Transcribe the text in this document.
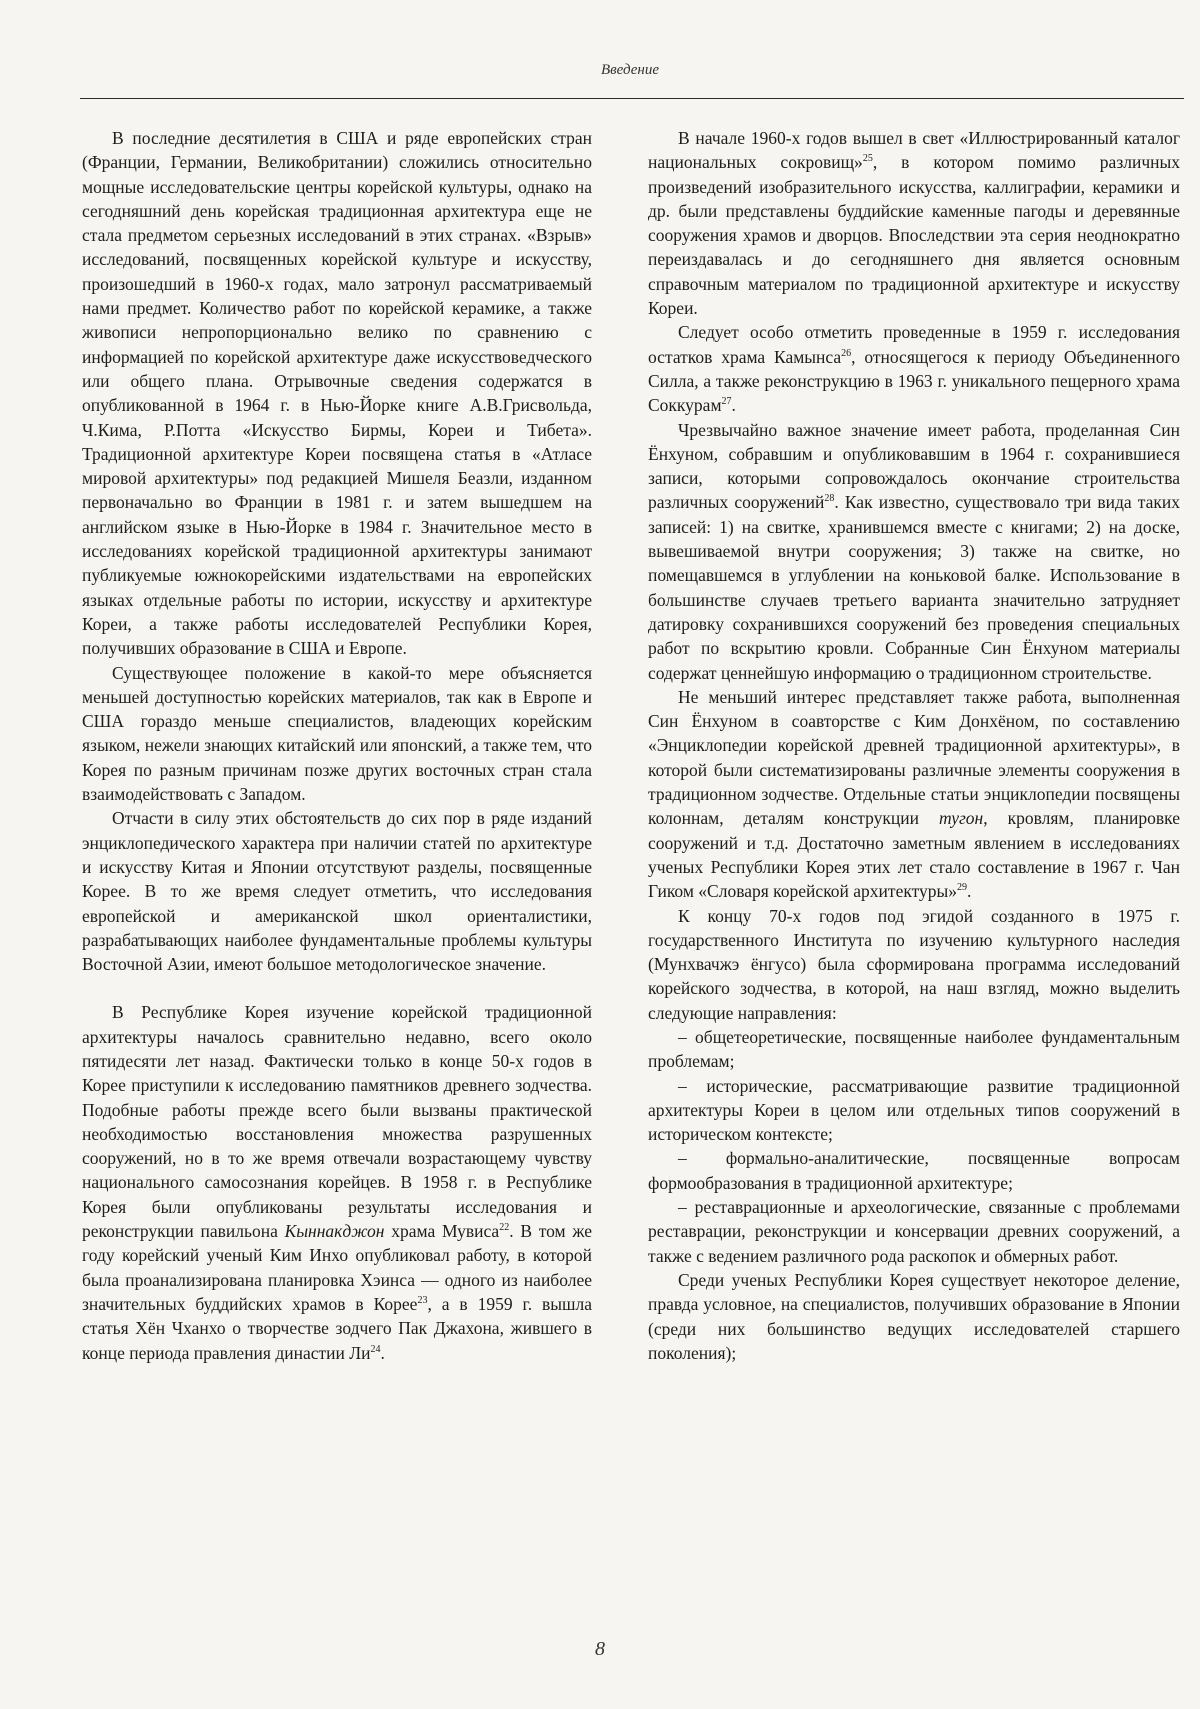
Введение

В последние десятилетия в США и ряде европейских стран (Франции, Германии, Великобритании) сложились относительно мощные исследовательские центры корейской культуры, однако на сегодняшний день корейская традиционная архитектура еще не стала предметом серьезных исследований в этих странах. «Взрыв» исследований, посвященных корейской культуре и искусству, произошедший в 1960-х годах, мало затронул рассматриваемый нами предмет. Количество работ по корейской керамике, а также живописи непропорционально велико по сравнению с информацией по корейской архитектуре даже искусствоведческого или общего плана. Отрывочные сведения содержатся в опубликованной в 1964 г. в Нью-Йорке книге А.В.Грисвольда, Ч.Кима, Р.Потта «Искусство Бирмы, Кореи и Тибета». Традиционной архитектуре Кореи посвящена статья в «Атласе мировой архитектуры» под редакцией Мишеля Беазли, изданном первоначально во Франции в 1981 г. и затем вышедшем на английском языке в Нью-Йорке в 1984 г. Значительное место в исследованиях корейской традиционной архитектуры занимают публикуемые южнокорейскими издательствами на европейских языках отдельные работы по истории, искусству и архитектуре Кореи, а также работы исследователей Республики Корея, получивших образование в США и Европе.

Существующее положение в какой-то мере объясняется меньшей доступностью корейских материалов, так как в Европе и США гораздо меньше специалистов, владеющих корейским языком, нежели знающих китайский или японский, а также тем, что Корея по разным причинам позже других восточных стран стала взаимодействовать с Западом.

Отчасти в силу этих обстоятельств до сих пор в ряде изданий энциклопедического характера при наличии статей по архитектуре и искусству Китая и Японии отсутствуют разделы, посвященные Корее. В то же время следует отметить, что исследования европейской и американской школ ориенталистики, разрабатывающих наиболее фундаментальные проблемы культуры Восточной Азии, имеют большое методологическое значение.

В Республике Корея изучение корейской традиционной архитектуры началось сравнительно недавно, всего около пятидесяти лет назад. Фактически только в конце 50-х годов в Корее приступили к исследованию памятников древнего зодчества. Подобные работы прежде всего были вызваны практической необходимостью восстановления множества разрушенных сооружений, но в то же время отвечали возрастающему чувству национального самосознания корейцев. В 1958 г. в Республике Корея были опубликованы результаты исследования и реконструкции павильона Кыннакджон храма Мувиса$^{22}$. В том же году корейский ученый Ким Инхо опубликовал работу, в которой была проанализирована планировка Хэинса — одного из наиболее значительных буддийских храмов в Корее$^{23}$, а в 1959 г. вышла статья Хён Чханхо о творчестве зодчего Пак Джахона, жившего в конце периода правления династии $Ли^{24}$.

В начале 1960-х годов вышел в свет «Иллюстрированный каталог национальных сокровищ»$^{25}$, в котором помимо различных произведений изобразительного искусства, каллиграфии, керамики и др. были представлены буддийские каменные пагоды и деревянные сооружения храмов и дворцов. Впоследствии эта серия неоднократно переиздавалась и до сегодняшнего дня является основным справочным материалом по традиционной архитектуре и искусству Кореи.

Следует особо отметить проведенные в 1959 г. исследования остатков храма Камынса$^{26}$, относящегося к периоду Объединенного Силла, а также реконструкцию в 1963 г. уникального пещерного храма Соккурам$^{27}$.

Чрезвычайно важное значение имеет работа, проделанная Син Ёнхуном, собравшим и опубликовавшим в 1964 г. сохранившиеся записи, которыми сопровождалось окончание строительства различных сооружений$^{28}$. Как известно, существовало три вида таких записей: 1) на свитке, хранившемся вместе с книгами; 2) на доске, вывешиваемой внутри сооружения; 3) также на свитке, но помещавшемся в углублении на коньковой балке. Использование в большинстве случаев третьего варианта значительно затрудняет датировку сохранившихся сооружений без проведения специальных работ по вскрытию кровли. Собранные Син Ёнхуном материалы содержат ценнейшую информацию о традиционном строительстве.

Не меньший интерес представляет также работа, выполненная Син Ёнхуном в соавторстве с Ким Донхёном, по составлению «Энциклопедии корейской древней традиционной архитектуры», в которой были систематизированы различные элементы сооружения в традиционном зодчестве. Отдельные статьи энциклопедии посвящены колоннам, деталям конструкции тугон, кровлям, планировке сооружений и т.д. Достаточно заметным явлением в исследованиях ученых Республики Корея этих лет стало составление в 1967 г. Чан Гиком «Словаря корейской архитектуры»$^{29}$.

К концу 70-х годов под эгидой созданного в 1975 г. государственного Института по изучению культурного наследия (Мунхвачжэ ёнгусо) была сформирована программа исследований корейского зодчества, в которой, на наш взгляд, можно выделить следующие направления:

– общетеоретические, посвященные наиболее фундаментальным проблемам;

– исторические, рассматривающие развитие традиционной архитектуры Кореи в целом или отдельных типов сооружений в историческом контексте;

– формально-аналитические, посвященные вопросам формообразования в традиционной архитектуре;

– реставрационные и археологические, связанные с проблемами реставрации, реконструкции и консервации древних сооружений, а также с ведением различного рода раскопок и обмерных работ.

Среди ученых Республики Корея существует некоторое деление, правда условное, на специалистов, получивших образование в Японии (среди них большинство ведущих исследователей старшего поколения);

8
